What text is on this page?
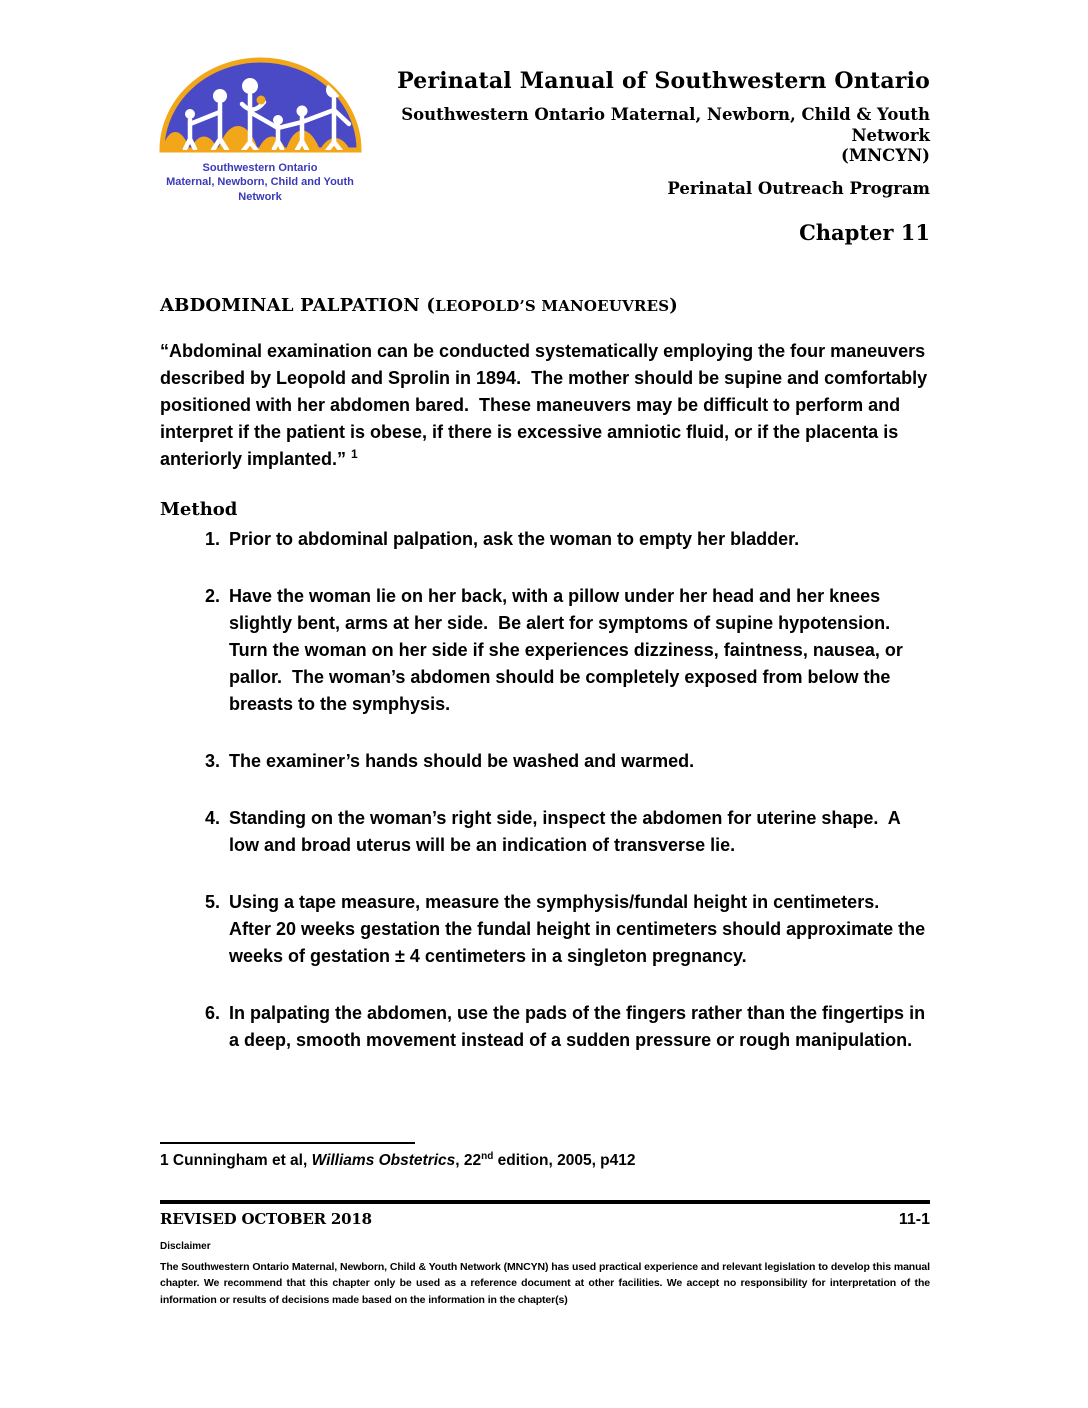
Southwestern Ontario
Maternal, Newborn, Child and Youth Network
Perinatal Manual of Southwestern Ontario
Southwestern Ontario Maternal, Newborn, Child & Youth Network
(MNCYN)
Perinatal Outreach Program
Chapter 11
ABDOMINAL PALPATION (LEOPOLD’S MANOEUVRES)

“Abdominal examination can be conducted systematically employing the four maneuvers described by Leopold and Sprolin in 1894.  The mother should be supine and comfortably positioned with her abdomen bared.  These maneuvers may be difficult to perform and interpret if the patient is obese, if there is excessive amniotic fluid, or if the placenta is anteriorly implanted.” $^1$

Method
1. Prior to abdominal palpation, ask the woman to empty her bladder.
2. Have the woman lie on her back, with a pillow under her head and her knees slightly bent, arms at her side.  Be alert for symptoms of supine hypotension.  Turn the woman on her side if she experiences dizziness, faintness, nausea, or pallor.  The woman’s abdomen should be completely exposed from below the breasts to the symphysis.
3. The examiner’s hands should be washed and warmed.
4. Standing on the woman’s right side, inspect the abdomen for uterine shape.  A low and broad uterus will be an indication of transverse lie.
5. Using a tape measure, measure the symphysis/fundal height in centimeters.  After 20 weeks gestation the fundal height in centimeters should approximate the weeks of gestation ± 4 centimeters in a singleton pregnancy.
6. In palpating the abdomen, use the pads of the fingers rather than the fingertips in a deep, smooth movement instead of a sudden pressure or rough manipulation.

1 Cunningham et al, Williams Obstetrics, 22nd edition, 2005, p412

REVISED OCTOBER 2018	11-1
Disclaimer

The Southwestern Ontario Maternal, Newborn, Child & Youth Network (MNCYN) has used practical experience and relevant legislation to develop this manual chapter. We recommend that this chapter only be used as a reference document at other facilities. We accept no responsibility for interpretation of the information or results of decisions made based on the information in the chapter(s)
